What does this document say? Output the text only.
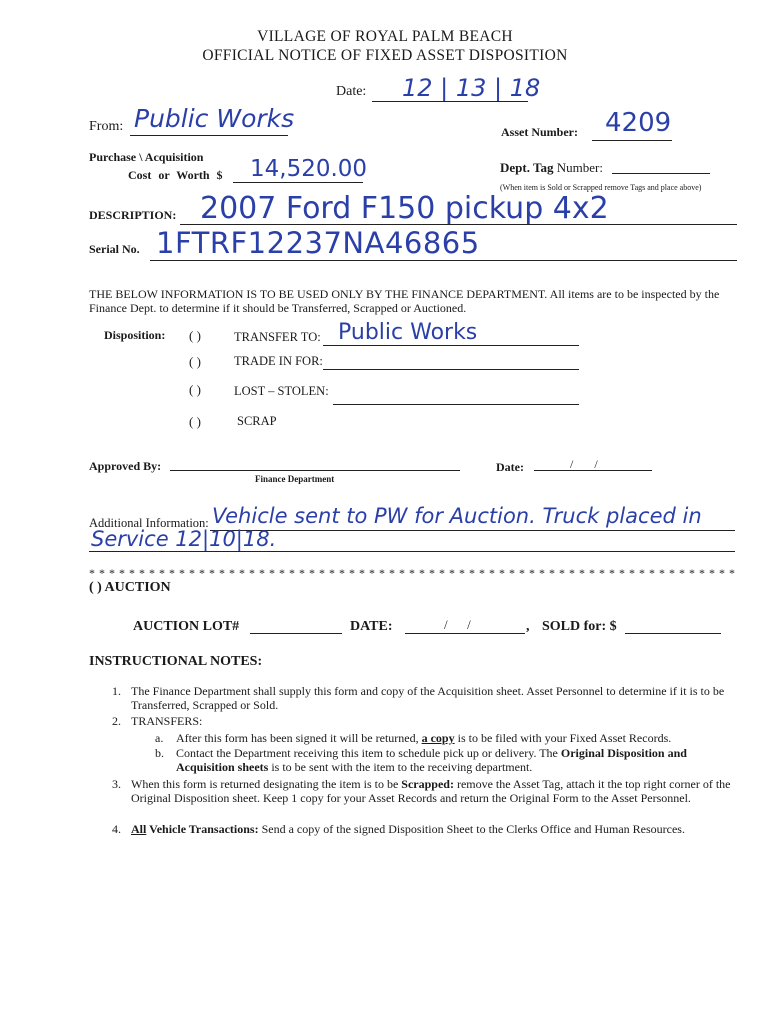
VILLAGE OF ROYAL PALM BEACH
OFFICIAL NOTICE OF FIXED ASSET DISPOSITION
Date: 12 | 13 | 18
From: Public Works	Asset Number: 4209
Purchase \ Acquisition
Cost or Worth $ 14,520.00	Dept. Tag Number:
(When item is Sold or Scrapped remove Tags and place above)
DESCRIPTION: 2007 Ford F150 pickup 4x2
Serial No. 1FTRF12237NA46865
THE BELOW INFORMATION IS TO BE USED ONLY BY THE FINANCE DEPARTMENT. All items are to be inspected by the Finance Dept. to determine if it should be Transferred, Scrapped or Auctioned.
Disposition: ( )	TRANSFER TO: Public Works
( )	TRADE IN FOR:
( )	LOST – STOLEN:
( )	SCRAP
Approved By:
Finance Department
Date:	/       /
Additional Information: Vehicle sent to PW for Auction. Truck placed in
Service 12|10|18.
* * * * * * * * * * * * * * * * * * * * * * * * * * * * * * * * * * * * * * * * * * * * * * * * * * * * * * * * * * * * * * * * *
( ) AUCTION
AUCTION LOT#	DATE:	/      /	, SOLD for: $
INSTRUCTIONAL NOTES:
1. The Finance Department shall supply this form and copy of the Acquisition sheet. Asset Personnel to determine if it is to be Transferred, Scrapped or Sold.
2. TRANSFERS:
a. After this form has been signed it will be returned, a copy is to be filed with your Fixed Asset Records.
b. Contact the Department receiving this item to schedule pick up or delivery. The Original Disposition and Acquisition sheets is to be sent with the item to the receiving department.
3. When this form is returned designating the item is to be Scrapped: remove the Asset Tag, attach it the top right corner of the Original Disposition sheet. Keep 1 copy for your Asset Records and return the Original Form to the Asset Personnel.
4. All Vehicle Transactions: Send a copy of the signed Disposition Sheet to the Clerks Office and Human Resources.
